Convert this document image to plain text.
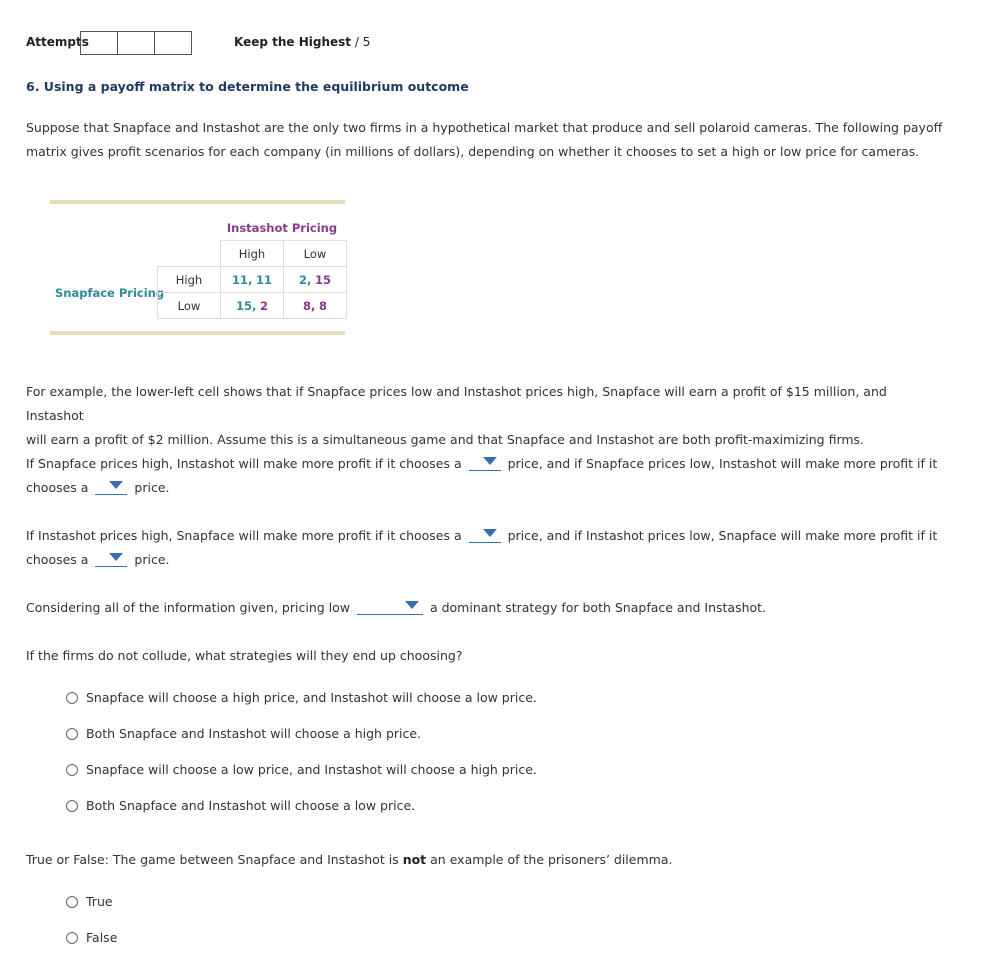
Attempts	Keep the Highest / 5
6. Using a payoff matrix to determine the equilibrium outcome
Suppose that Snapface and Instashot are the only two firms in a hypothetical market that produce and sell polaroid cameras. The following payoff
matrix gives profit scenarios for each company (in millions of dollars), depending on whether it chooses to set a high or low price for cameras.
Instashot Pricing
Snapface Pricing
	High	Low
High	11, 11	2, 15
Low	15, 2	8, 8
For example, the lower-left cell shows that if Snapface prices low and Instashot prices high, Snapface will earn a profit of $15 million, and Instashot
will earn a profit of $2 million. Assume this is a simultaneous game and that Snapface and Instashot are both profit-maximizing firms.
If Snapface prices high, Instashot will make more profit if it chooses a	price, and if Snapface prices low, Instashot will make more profit if it
chooses a	price.
If Instashot prices high, Snapface will make more profit if it chooses a	price, and if Instashot prices low, Snapface will make more profit if it
chooses a	price.
Considering all of the information given, pricing low	a dominant strategy for both Snapface and Instashot.
If the firms do not collude, what strategies will they end up choosing?
Snapface will choose a high price, and Instashot will choose a low price.
Both Snapface and Instashot will choose a high price.
Snapface will choose a low price, and Instashot will choose a high price.
Both Snapface and Instashot will choose a low price.
True or False: The game between Snapface and Instashot is not an example of the prisoners’ dilemma.
True
False
